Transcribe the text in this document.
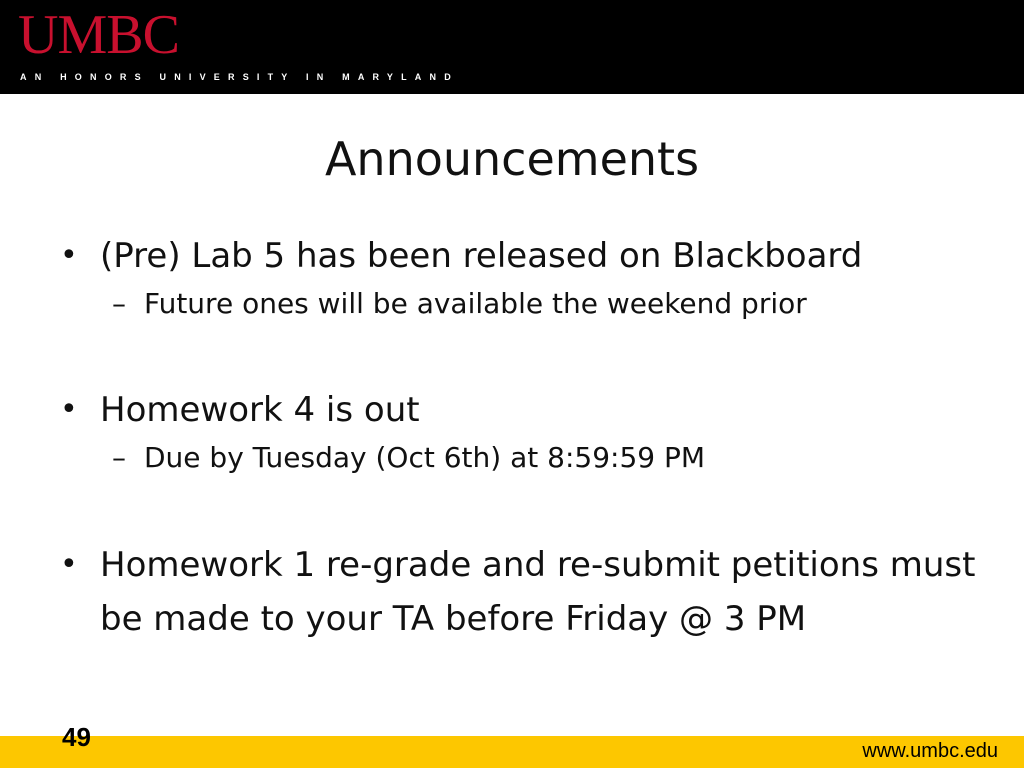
UMBC
AN HONORS UNIVERSITY IN MARYLAND
Announcements
• (Pre) Lab 5 has been released on Blackboard
– Future ones will be available the weekend prior
• Homework 4 is out
– Due by Tuesday (Oct 6th) at 8:59:59 PM
• Homework 1 re-grade and re-submit petitions must be made to your TA before Friday @ 3 PM
49	www.umbc.edu
